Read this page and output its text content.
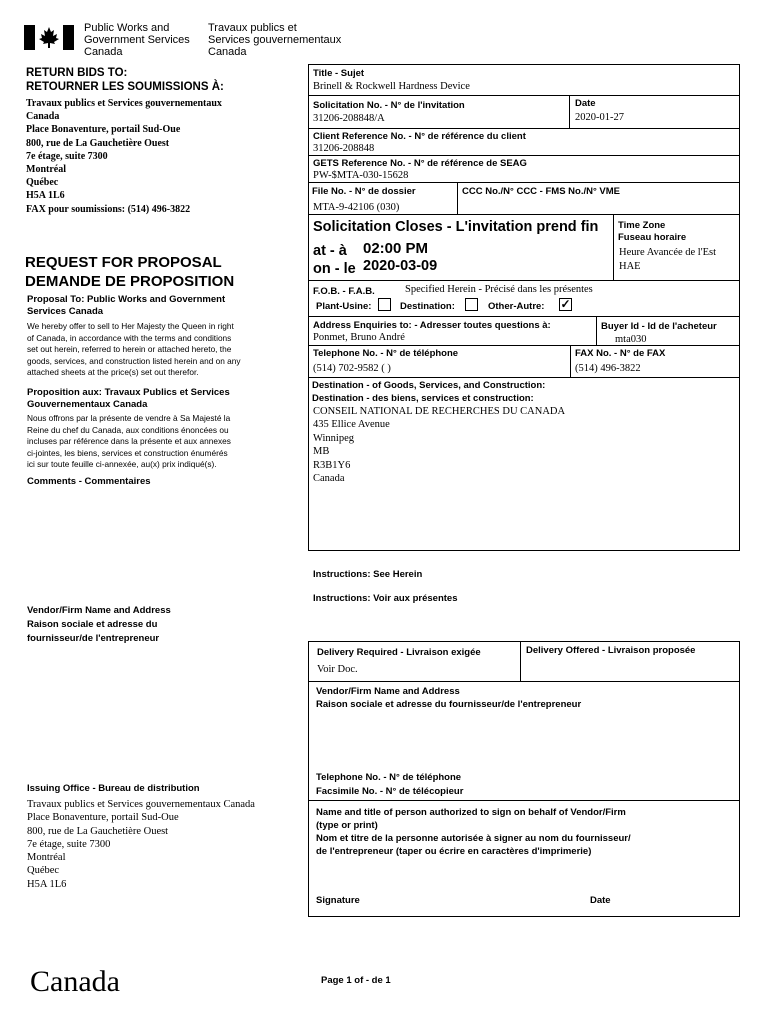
Public Works and
Government Services
Canada
Travaux publics et
Services gouvernementaux
Canada
RETURN BIDS TO:
RETOURNER LES SOUMISSIONS À:
Travaux publics et Services gouvernementaux
Canada
Place Bonaventure, portail Sud-Oue
800, rue de La Gauchetière Ouest
7e étage, suite 7300
Montréal
Québec
H5A 1L6
FAX pour soumissions: (514) 496-3822
REQUEST FOR PROPOSAL
DEMANDE DE PROPOSITION
Proposal To: Public Works and Government
Services Canada
We hereby offer to sell to Her Majesty the Queen in right
of Canada, in accordance with the terms and conditions
set out herein, referred to herein or attached hereto, the
goods, services, and construction listed herein and on any
attached sheets at the price(s) set out therefor.
Proposition aux: Travaux Publics et Services
Gouvernementaux Canada
Nous offrons par la présente de vendre à Sa Majesté la
Reine du chef du Canada, aux conditions énoncées ou
incluses par référence dans la présente et aux annexes
ci-jointes, les biens, services et construction énumérés
ici sur toute feuille ci-annexée, au(x) prix indiqué(s).
Comments - Commentaires
Vendor/Firm Name and Address
Raison sociale et adresse du
fournisseur/de l'entrepreneur
Issuing Office - Bureau de distribution
Travaux publics et Services gouvernementaux Canada
Place Bonaventure, portail Sud-Oue
800, rue de La Gauchetière Ouest
7e étage, suite 7300
Montréal
Québec
H5A 1L6
Title - Sujet
Brinell & Rockwell Hardness Device
Solicitation No. - N° de l'invitation
31206-208848/A
Date
2020-01-27
Client Reference No. - N° de référence du client
31206-208848
GETS Reference No. - N° de référence de SEAG
PW-$MTA-030-15628
File No. - N° de dossier
MTA-9-42106 (030)
CCC No./N° CCC - FMS No./N° VME
Solicitation Closes - L'invitation prend fin
at - à 02:00 PM
on - le 2020-03-09
Time Zone
Fuseau horaire
Heure Avancée de l'Est
HAE
F.O.B. - F.A.B.	Specified Herein - Précisé dans les présentes
Plant-Usine:	Destination:	Other-Autre: ✓
Address Enquiries to: - Adresser toutes questions à:
Ponmet, Bruno André
Buyer Id - Id de l'acheteur
mta030
Telephone No. - N° de téléphone
(514) 702-9582 ( )
FAX No. - N° de FAX
(514) 496-3822
Destination - of Goods, Services, and Construction:
Destination - des biens, services et construction:
CONSEIL NATIONAL DE RECHERCHES DU CANADA
435 Ellice Avenue
Winnipeg
MB
R3B1Y6
Canada
Instructions: See Herein
Instructions: Voir aux présentes
Delivery Required - Livraison exigée
Voir Doc.
Delivery Offered - Livraison proposée
Vendor/Firm Name and Address
Raison sociale et adresse du fournisseur/de l'entrepreneur
Telephone No. - N° de téléphone
Facsimile No. - N° de télécopieur
Name and title of person authorized to sign on behalf of Vendor/Firm
(type or print)
Nom et titre de la personne autorisée à signer au nom du fournisseur/
de l'entrepreneur (taper ou écrire en caractères d'imprimerie)
Signature	Date
Canada	Page 1 of - de 1
